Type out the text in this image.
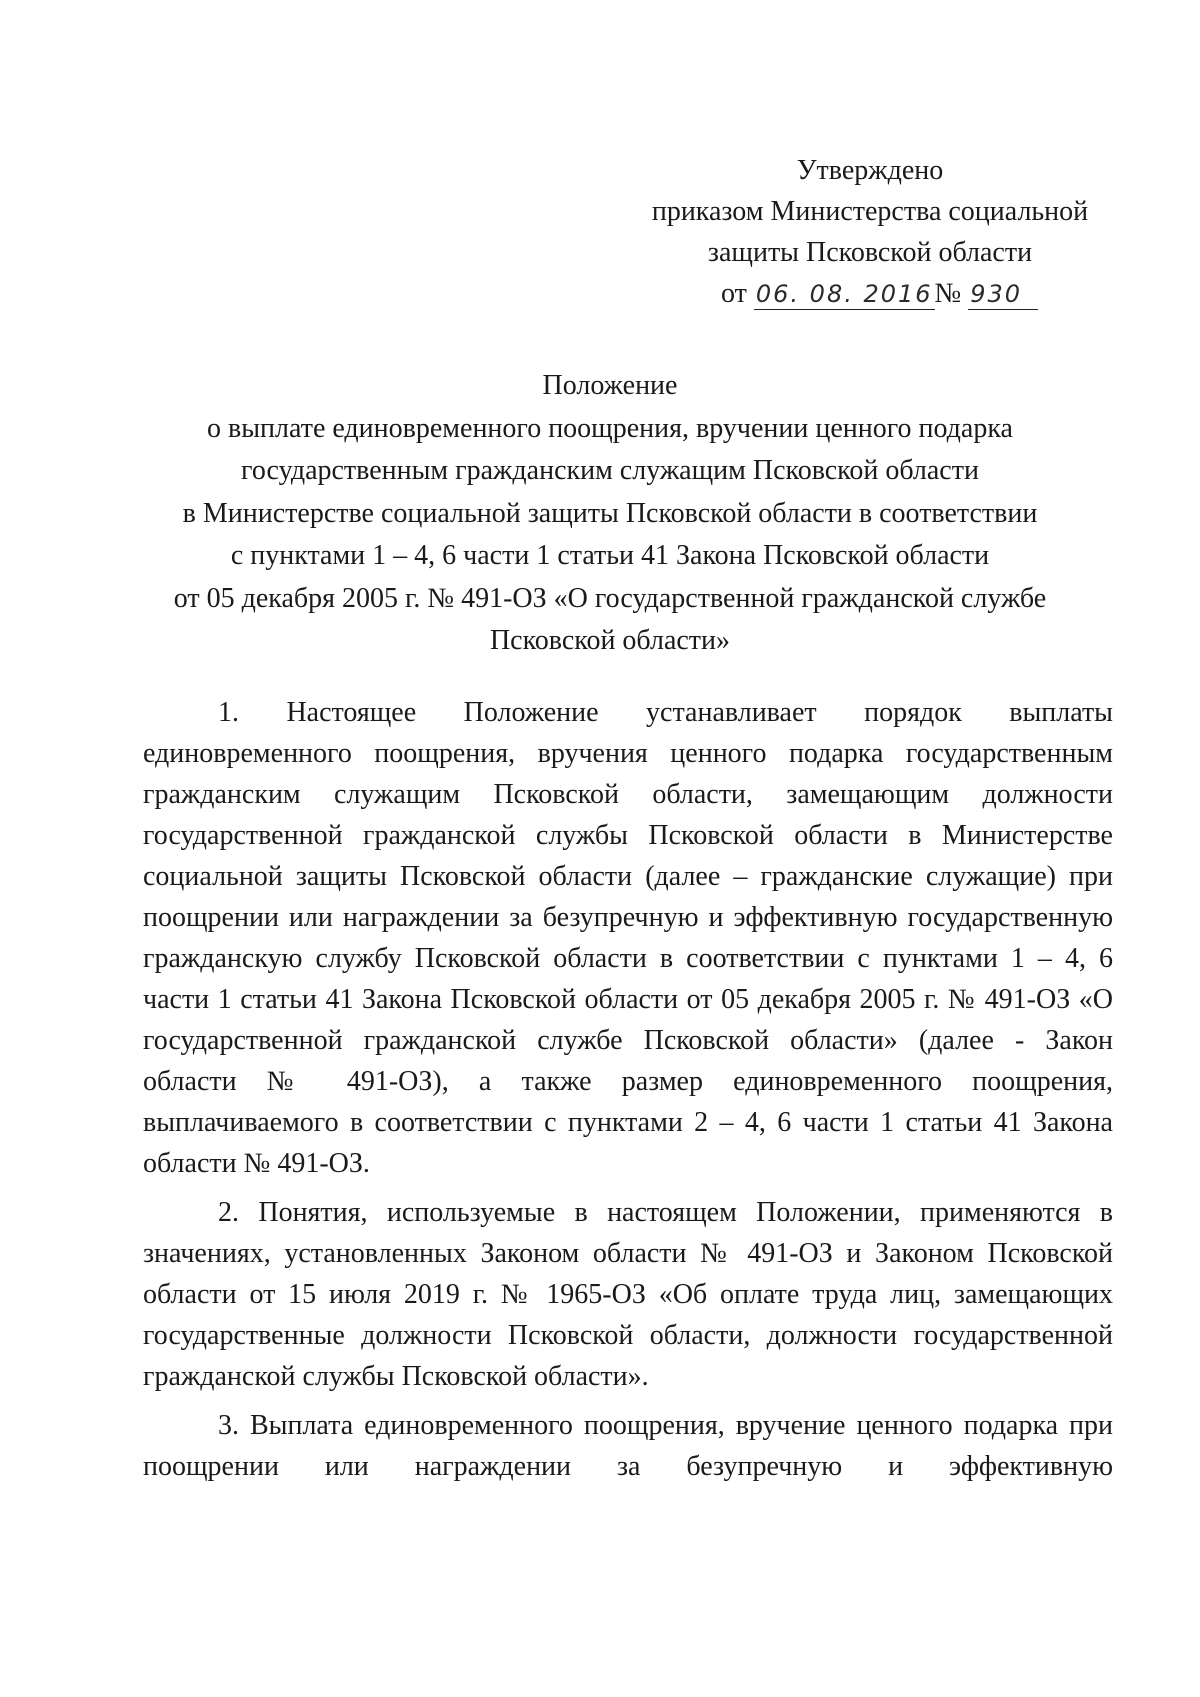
Утверждено
приказом Министерства социальной
защиты Псковской области
от 06. 08. 2016№ 930
Положение
о выплате единовременного поощрения, вручении ценного подарка
государственным гражданским служащим Псковской области
в Министерстве социальной защиты Псковской области в соответствии
с пунктами 1 – 4, 6 части 1 статьи 41 Закона Псковской области
от 05 декабря 2005 г. № 491-ОЗ «О государственной гражданской службе
Псковской области»

1. Настоящее Положение устанавливает порядок выплаты единовременного поощрения, вручения ценного подарка государственным гражданским служащим Псковской области, замещающим должности государственной гражданской службы Псковской области в Министерстве социальной защиты Псковской области (далее – гражданские служащие) при поощрении или награждении за безупречную и эффективную государственную гражданскую службу Псковской области в соответствии с пунктами 1 – 4, 6 части 1 статьи 41 Закона Псковской области от 05 декабря 2005 г. № 491-ОЗ «О государственной гражданской службе Псковской области» (далее - Закон области № 491-ОЗ), а также размер единовременного поощрения, выплачиваемого в соответствии с пунктами 2 – 4, 6 части 1 статьи 41 Закона области № 491-ОЗ.

2. Понятия, используемые в настоящем Положении, применяются в значениях, установленных Законом области № 491-ОЗ и Законом Псковской области от 15 июля 2019 г. № 1965-ОЗ «Об оплате труда лиц, замещающих государственные должности Псковской области, должности государственной гражданской службы Псковской области».

3. Выплата единовременного поощрения, вручение ценного подарка при поощрении или награждении за безупречную и эффективную
